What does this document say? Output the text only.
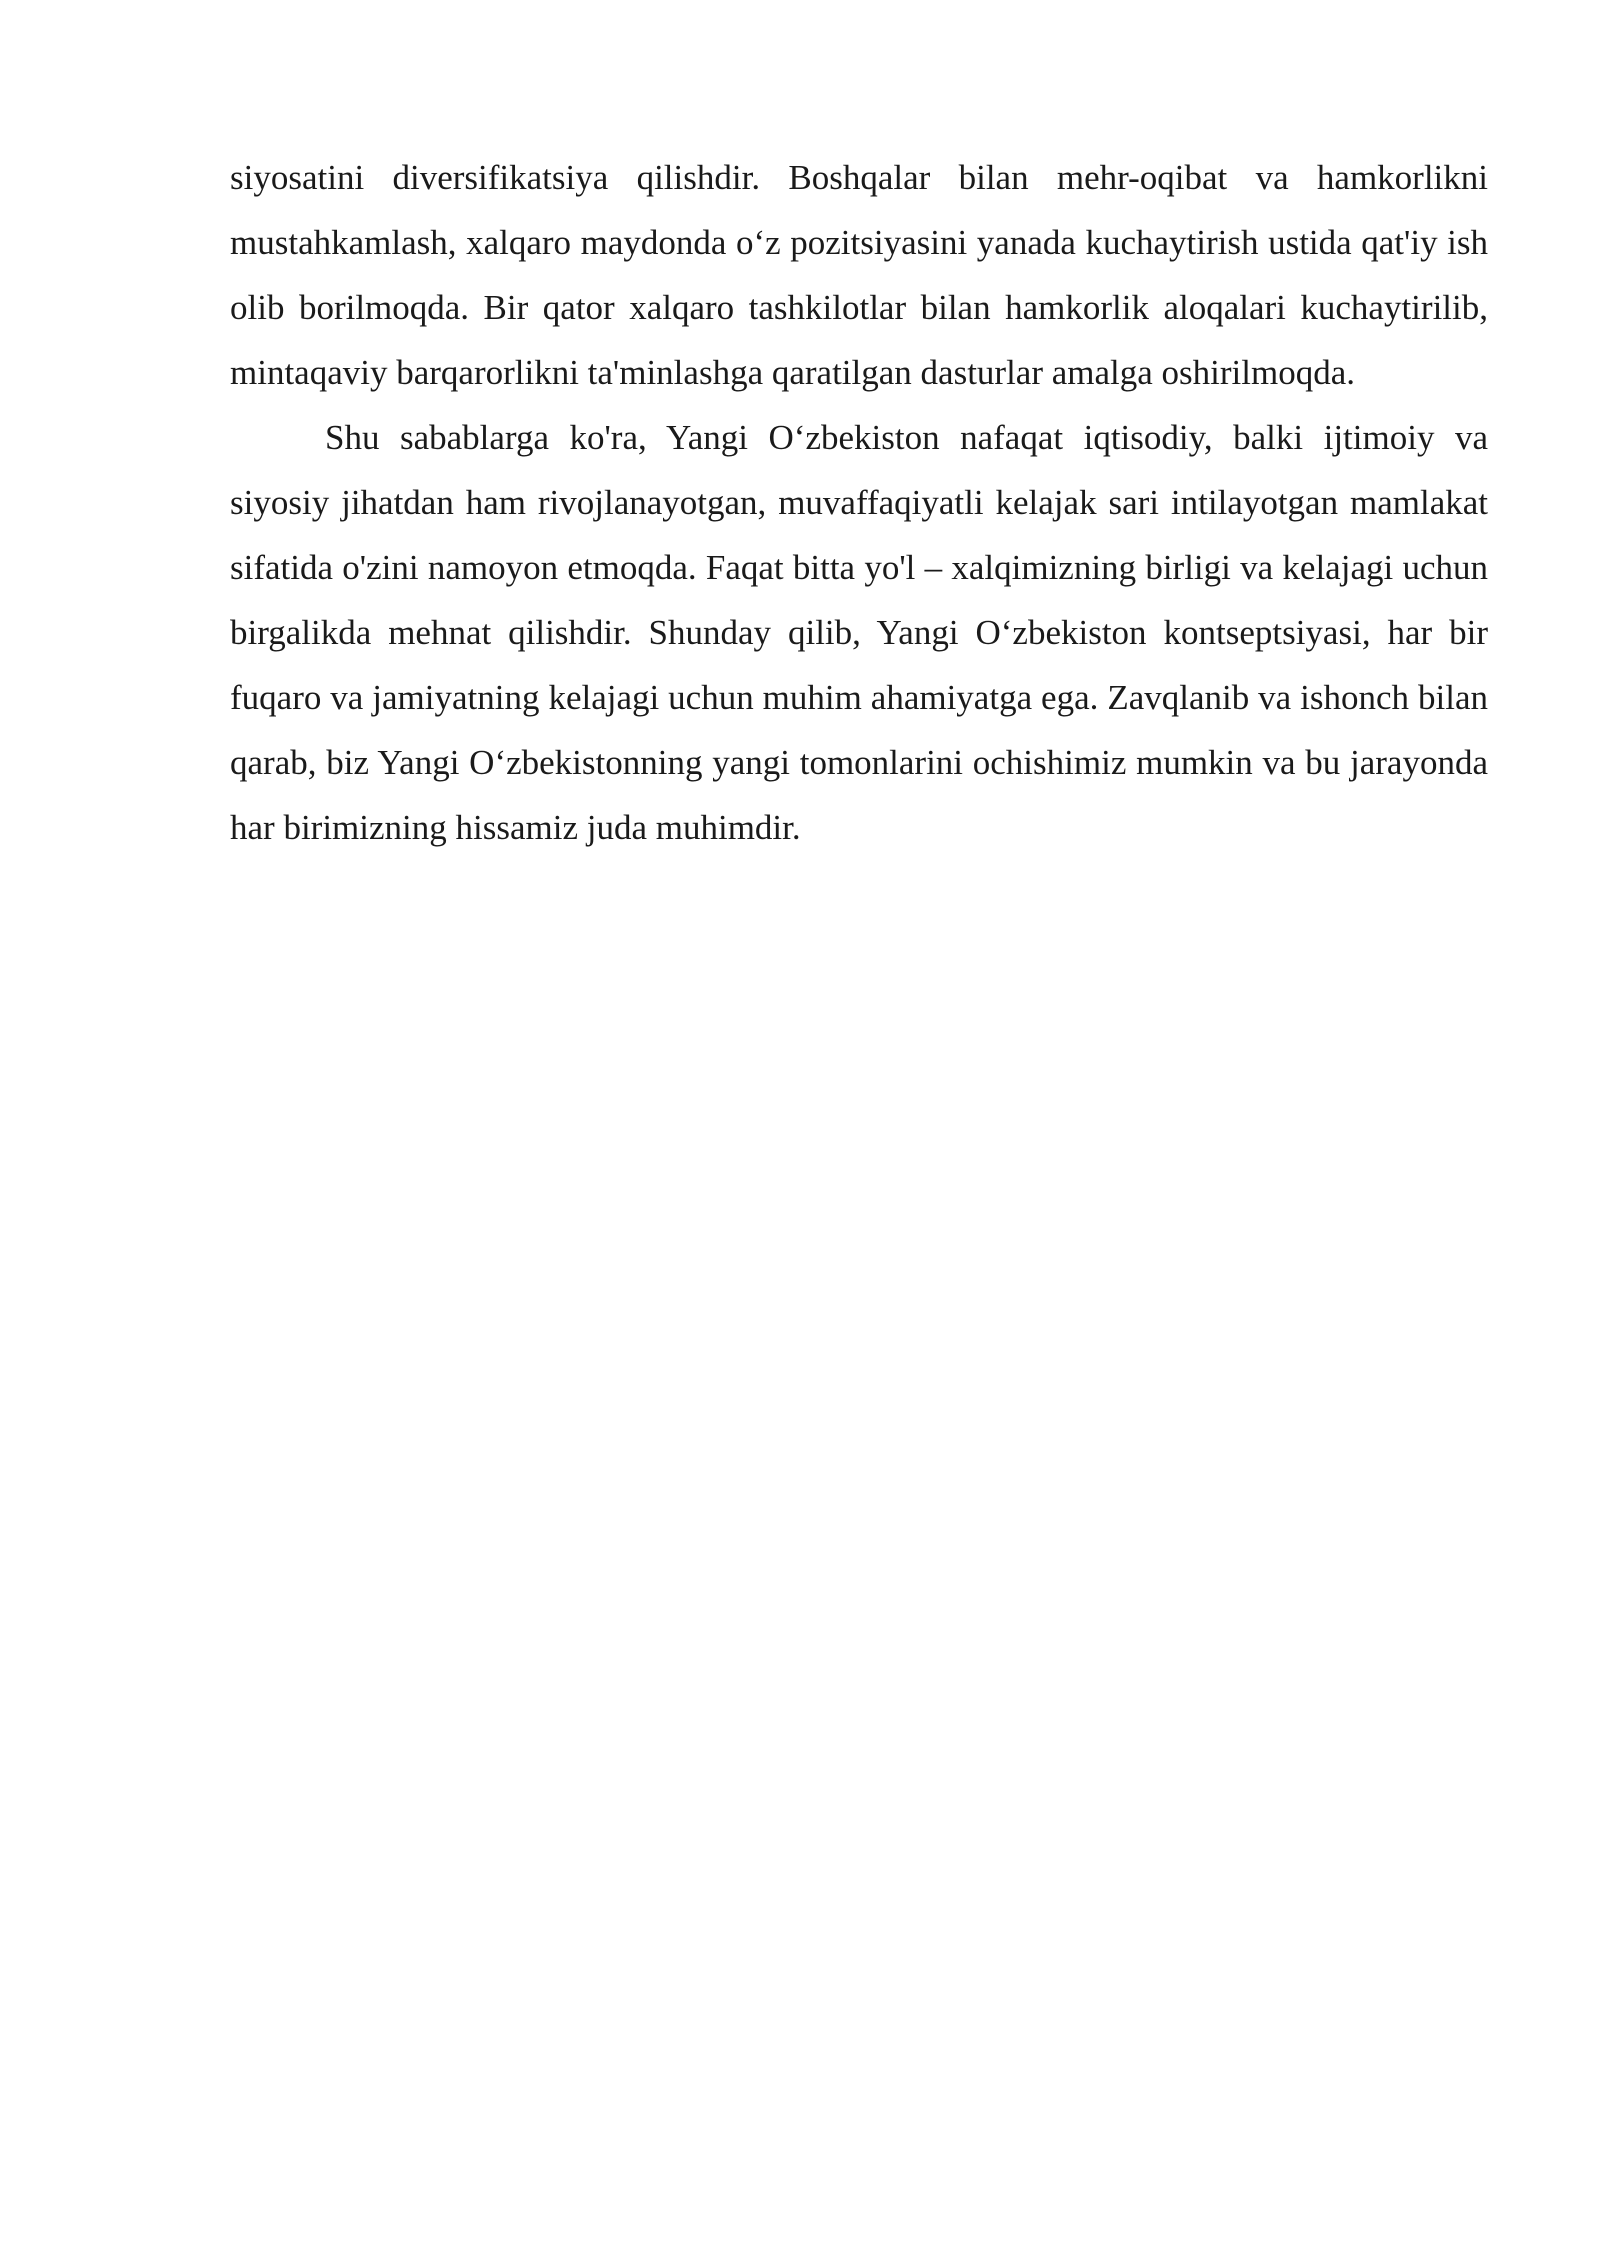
siyosatini diversifikatsiya qilishdir. Boshqalar bilan mehr-oqibat va hamkorlikni mustahkamlash, xalqaro maydonda o‘z pozitsiyasini yanada kuchaytirish ustida qat'iy ish olib borilmoqda. Bir qator xalqaro tashkilotlar bilan hamkorlik aloqalari kuchaytirilib, mintaqaviy barqarorlikni ta'minlashga qaratilgan dasturlar amalga oshirilmoqda.

Shu sabablarga ko'ra, Yangi O‘zbekiston nafaqat iqtisodiy, balki ijtimoiy va siyosiy jihatdan ham rivojlanayotgan, muvaffaqiyatli kelajak sari intilayotgan mamlakat sifatida o'zini namoyon etmoqda. Faqat bitta yo'l – xalqimizning birligi va kelajagi uchun birgalikda mehnat qilishdir. Shunday qilib, Yangi O‘zbekiston kontseptsiyasi, har bir fuqaro va jamiyatning kelajagi uchun muhim ahamiyatga ega. Zavqlanib va ishonch bilan qarab, biz Yangi O‘zbekistonning yangi tomonlarini ochishimiz mumkin va bu jarayonda har birimizning hissamiz juda muhimdir.
